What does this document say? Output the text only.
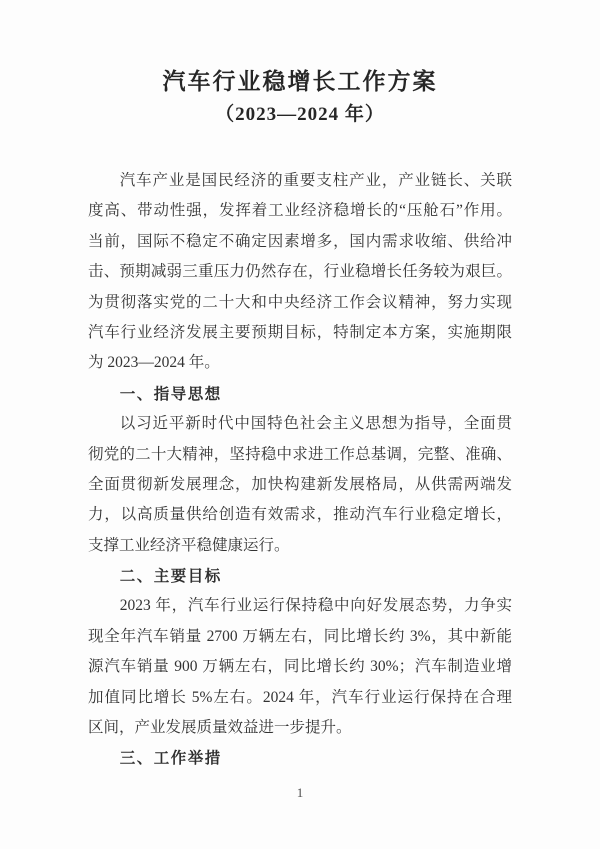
汽车行业稳增长工作方案
（2023—2024 年）
汽车产业是国民经济的重要支柱产业，产业链长、关联
度高、带动性强，发挥着工业经济稳增长的“压舱石”作用。
当前，国际不稳定不确定因素增多，国内需求收缩、供给冲
击、预期减弱三重压力仍然存在，行业稳增长任务较为艰巨。
为贯彻落实党的二十大和中央经济工作会议精神，努力实现
汽车行业经济发展主要预期目标，特制定本方案，实施期限
为 2023—2024 年。
一、指导思想
以习近平新时代中国特色社会主义思想为指导，全面贯
彻党的二十大精神，坚持稳中求进工作总基调，完整、准确、
全面贯彻新发展理念，加快构建新发展格局，从供需两端发
力，以高质量供给创造有效需求，推动汽车行业稳定增长，
支撑工业经济平稳健康运行。
二、主要目标
2023 年，汽车行业运行保持稳中向好发展态势，力争实
现全年汽车销量 2700 万辆左右，同比增长约 3%，其中新能
源汽车销量 900 万辆左右，同比增长约 30%；汽车制造业增
加值同比增长 5%左右。2024 年，汽车行业运行保持在合理
区间，产业发展质量效益进一步提升。
三、工作举措
1
